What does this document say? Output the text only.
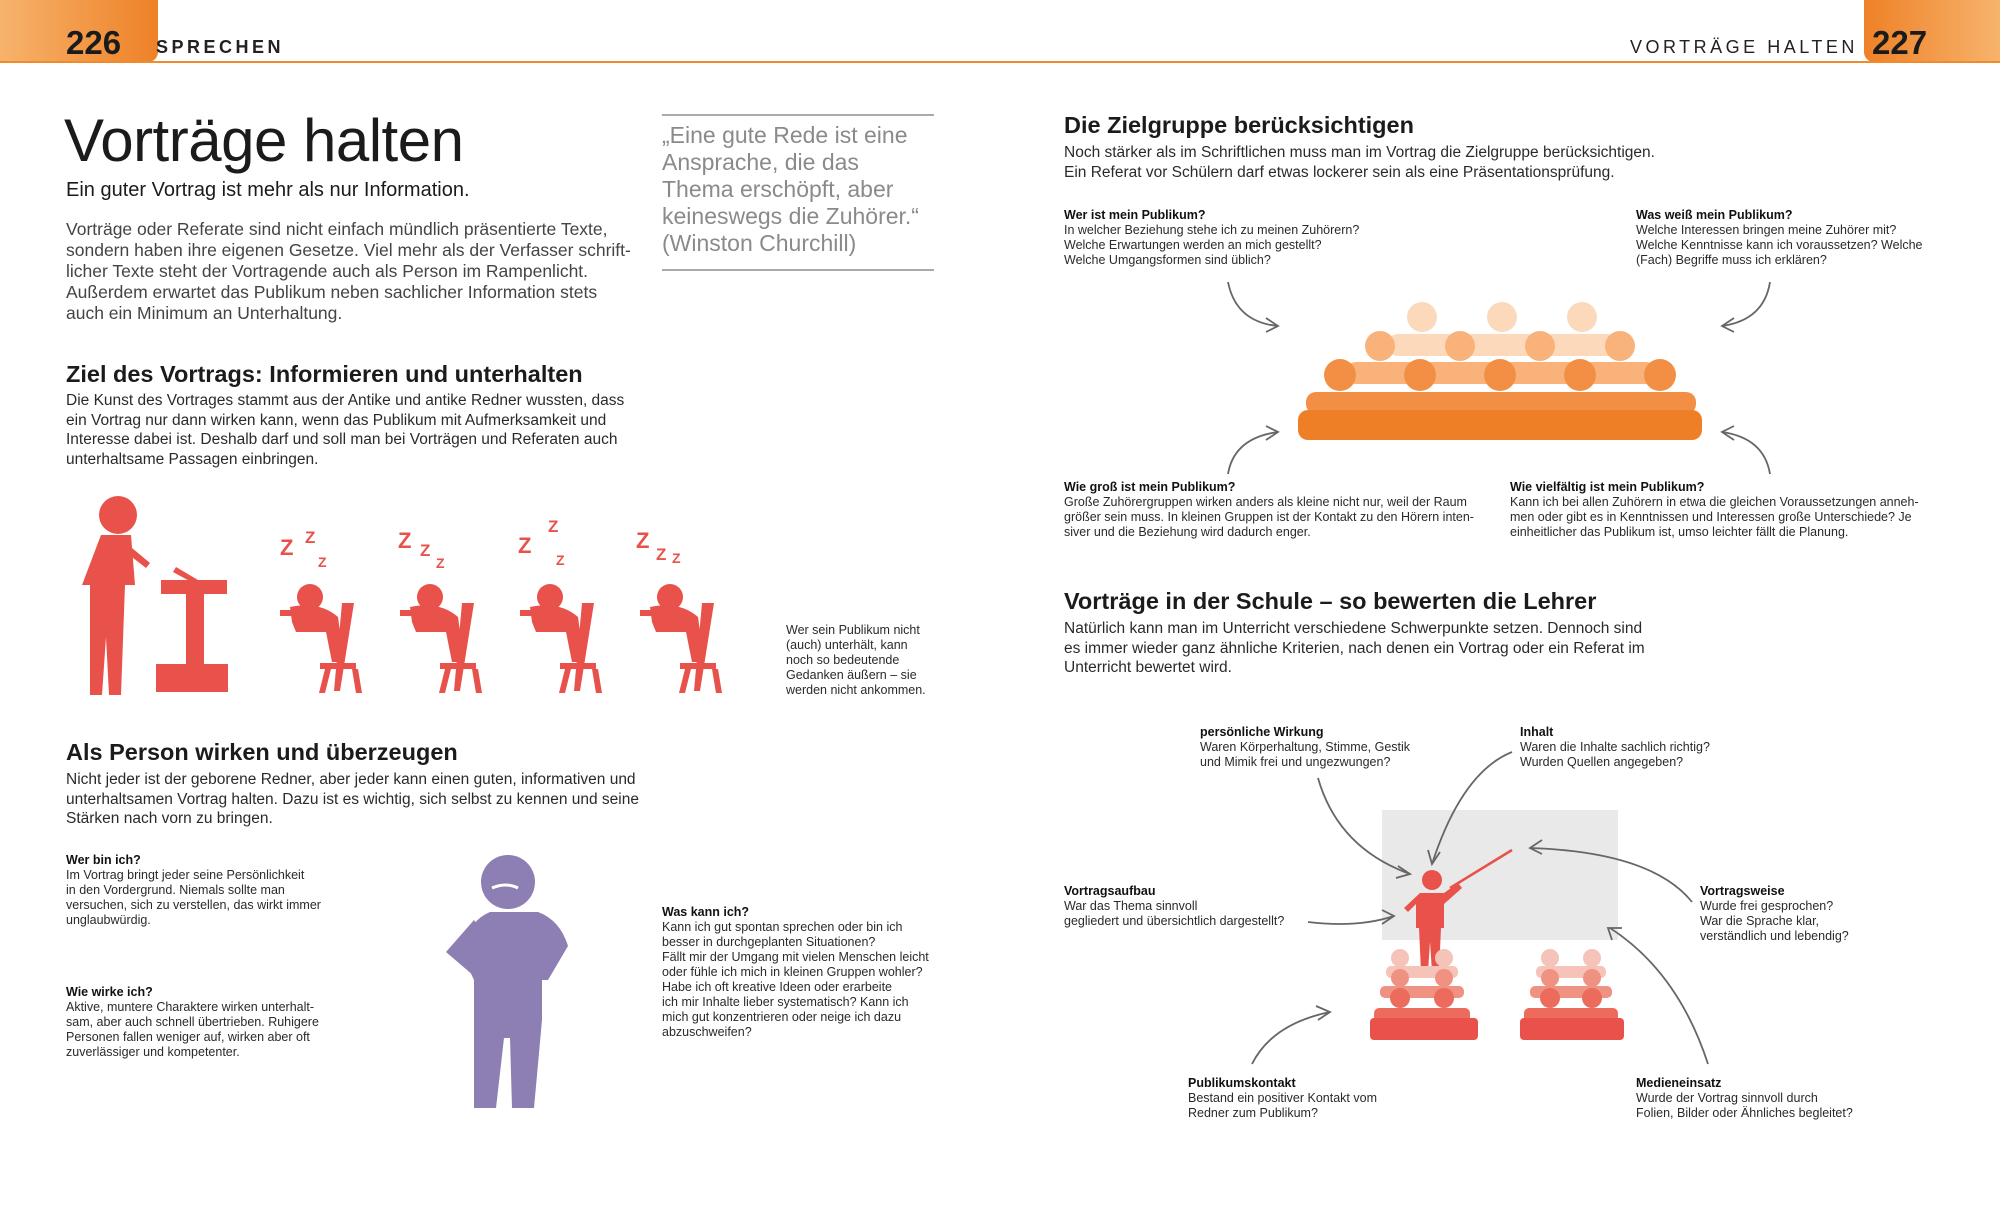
226 SPRECHEN	VORTRÄGE HALTEN 227
Vorträge halten
Ein guter Vortrag ist mehr als nur Information.
Vorträge oder Referate sind nicht einfach mündlich präsentierte Texte,
sondern haben ihre eigenen Gesetze. Viel mehr als der Verfasser schrift-
licher Texte steht der Vortragende auch als Person im Rampenlicht.
Außerdem erwartet das Publikum neben sachlicher Information stets
auch ein Minimum an Unterhaltung.
„Eine gute Rede ist eine
Ansprache, die das
Thema erschöpft, aber
keineswegs die Zuhörer.“
(Winston Churchill)
Ziel des Vortrags: Informieren und unterhalten
Die Kunst des Vortrages stammt aus der Antike und antike Redner wussten, dass
ein Vortrag nur dann wirken kann, wenn das Publikum mit Aufmerksamkeit und
Interesse dabei ist. Deshalb darf und soll man bei Vorträgen und Referaten auch
unterhaltsame Passagen einbringen.
Z Z
Z
Z Z
Z
Z
Z
Z
Z
Z Z
Wer sein Publikum nicht
(auch) unterhält, kann
noch so bedeutende
Gedanken äußern – sie
werden nicht ankommen.
Als Person wirken und überzeugen
Nicht jeder ist der geborene Redner, aber jeder kann einen guten, informativen und
unterhaltsamen Vortrag halten. Dazu ist es wichtig, sich selbst zu kennen und seine
Stärken nach vorn zu bringen.
Wer bin ich?
Im Vortrag bringt jeder seine Persönlichkeit
in den Vordergrund. Niemals sollte man
versuchen, sich zu verstellen, das wirkt immer
unglaubwürdig.
Wie wirke ich?
Aktive, muntere Charaktere wirken unterhalt-
sam, aber auch schnell übertrieben. Ruhigere
Personen fallen weniger auf, wirken aber oft
zuverlässiger und kompetenter.
Was kann ich?
Kann ich gut spontan sprechen oder bin ich
besser in durchgeplanten Situationen?
Fällt mir der Umgang mit vielen Menschen leicht
oder fühle ich mich in kleinen Gruppen wohler?
Habe ich oft kreative Ideen oder erarbeite
ich mir Inhalte lieber systematisch? Kann ich
mich gut konzentrieren oder neige ich dazu
abzuschweifen?
Die Zielgruppe berücksichtigen
Noch stärker als im Schriftlichen muss man im Vortrag die Zielgruppe berücksichtigen.
Ein Referat vor Schülern darf etwas lockerer sein als eine Präsentationsprüfung.
Wer ist mein Publikum?
In welcher Beziehung stehe ich zu meinen Zuhörern?
Welche Erwartungen werden an mich gestellt?
Welche Umgangsformen sind üblich?
Was weiß mein Publikum?
Welche Interessen bringen meine Zuhörer mit?
Welche Kenntnisse kann ich voraussetzen? Welche
(Fach) Begriffe muss ich erklären?
Wie groß ist mein Publikum?
Große Zuhörergruppen wirken anders als kleine nicht nur, weil der Raum
größer sein muss. In kleinen Gruppen ist der Kontakt zu den Hörern inten-
siver und die Beziehung wird dadurch enger.
Wie vielfältig ist mein Publikum?
Kann ich bei allen Zuhörern in etwa die gleichen Voraussetzungen anneh-
men oder gibt es in Kenntnissen und Interessen große Unterschiede? Je
einheitlicher das Publikum ist, umso leichter fällt die Planung.
Vorträge in der Schule – so bewerten die Lehrer
Natürlich kann man im Unterricht verschiedene Schwerpunkte setzen. Dennoch sind
es immer wieder ganz ähnliche Kriterien, nach denen ein Vortrag oder ein Referat im
Unterricht bewertet wird.
persönliche Wirkung
Waren Körperhaltung, Stimme, Gestik
und Mimik frei und ungezwungen?
Inhalt
Waren die Inhalte sachlich richtig?
Wurden Quellen angegeben?
Vortragsaufbau
War das Thema sinnvoll
gegliedert und übersichtlich dargestellt?
Vortragsweise
Wurde frei gesprochen?
War die Sprache klar,
verständlich und lebendig?
Publikumskontakt
Bestand ein positiver Kontakt vom
Redner zum Publikum?
Medieneinsatz
Wurde der Vortrag sinnvoll durch
Folien, Bilder oder Ähnliches begleitet?
